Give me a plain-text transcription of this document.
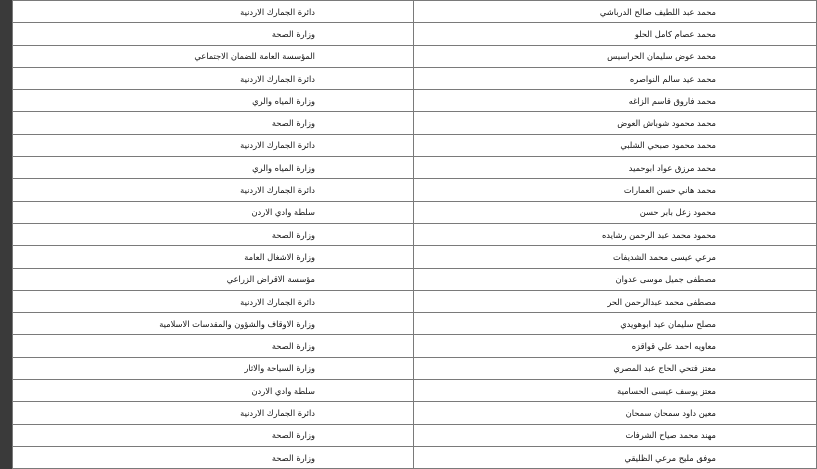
محمد عبد اللطيف صالح الدرباشي	دائرة الجمارك الاردنية
محمد عصام كامل الحلو	وزارة الصحة
محمد عوض سليمان الحراسيس	المؤسسة العامة للضمان الاجتماعي
محمد عيد سالم النواصره	دائرة الجمارك الاردنية
محمد فاروق قاسم الزاغه	وزارة المياه والري
محمد محمود شوباش العوض	وزارة الصحة
محمد محمود صبحي الشلبي	دائرة الجمارك الاردنية
محمد مرزق عواد ابوحميد	وزارة المياه والري
محمد هاني حسن العمارات	دائرة الجمارك الاردنية
محمود زعل بابر حسن	سلطة وادي الاردن
محمود محمد عبد الرحمن رشايده	وزارة الصحة
مرعي عيسى محمد الشديفات	وزارة الاشغال العامة
مصطفى جميل موسى عدوان	مؤسسة الاقراض الزراعي
مصطفى محمد عبدالرحمن الحر	دائرة الجمارك الاردنية
مصلح سليمان عيد ابوهويدي	وزارة الاوقاف والشؤون والمقدسات الاسلامية
معاويه احمد علي قواقزه	وزارة الصحة
معتز فتحي الحاج عبد المصري	وزارة السياحة والاثار
معتز يوسف عيسى الحسامية	سلطة وادي الاردن
معين داود سمحان سمحان	دائرة الجمارك الاردنية
مهند محمد صياح الشرفات	وزارة الصحة
موفق مليح مرعي الظليقي	وزارة الصحة
